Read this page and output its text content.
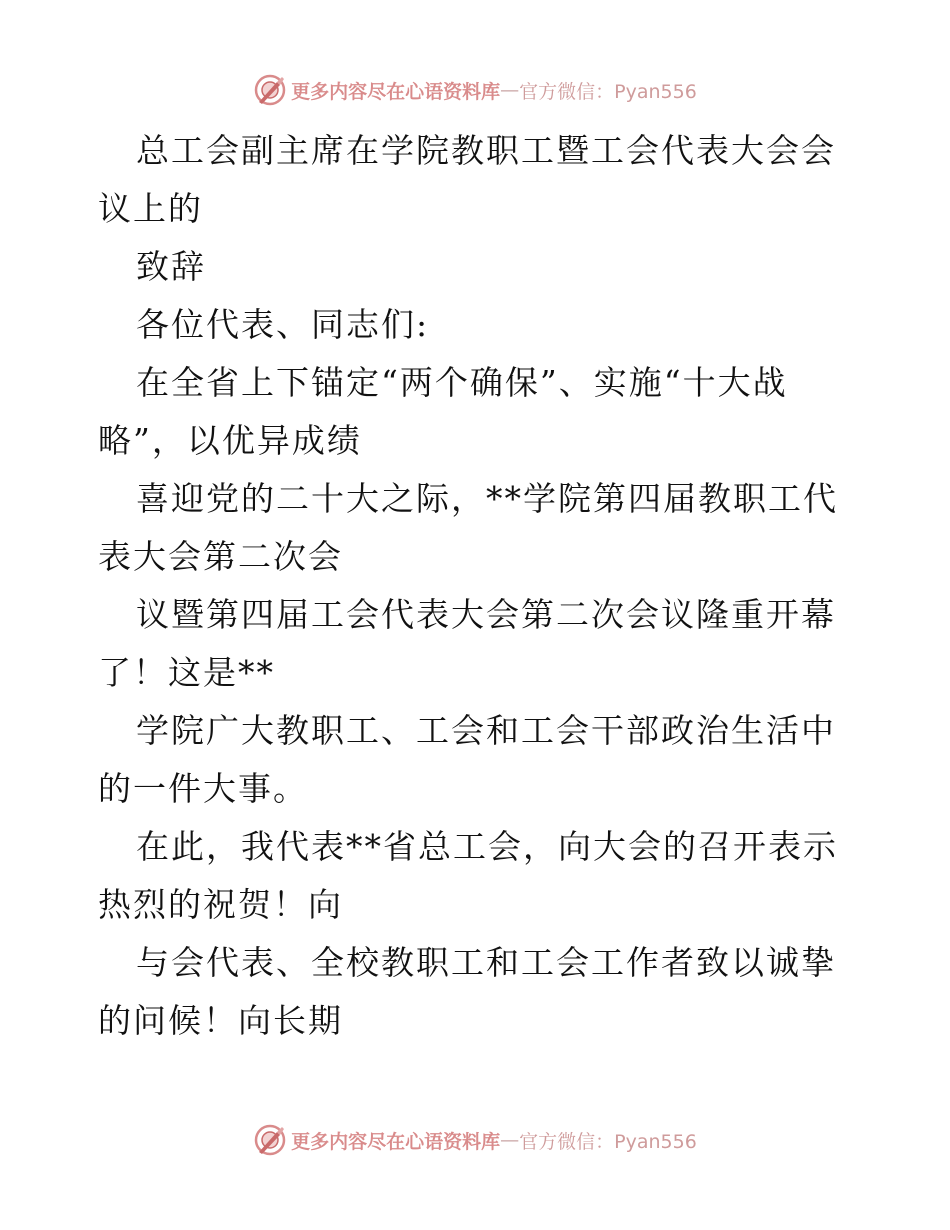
更多内容尽在心语资料库 — 官方微信：Pyan556

总工会副主席在学院教职工暨工会代表大会会议上的

致辞

各位代表、同志们:

在全省上下锚定“两个确保”、实施“十大战略”，以优异成绩

喜迎党的二十大之际，**学院第四届教职工代表大会第二次会

议暨第四届工会代表大会第二次会议隆重开幕了！这是**

学院广大教职工、工会和工会干部政治生活中的一件大事。

在此，我代表**省总工会，向大会的召开表示热烈的祝贺！向

与会代表、全校教职工和工会工作者致以诚挚的问候！向长期

更多内容尽在心语资料库 — 官方微信：Pyan556
